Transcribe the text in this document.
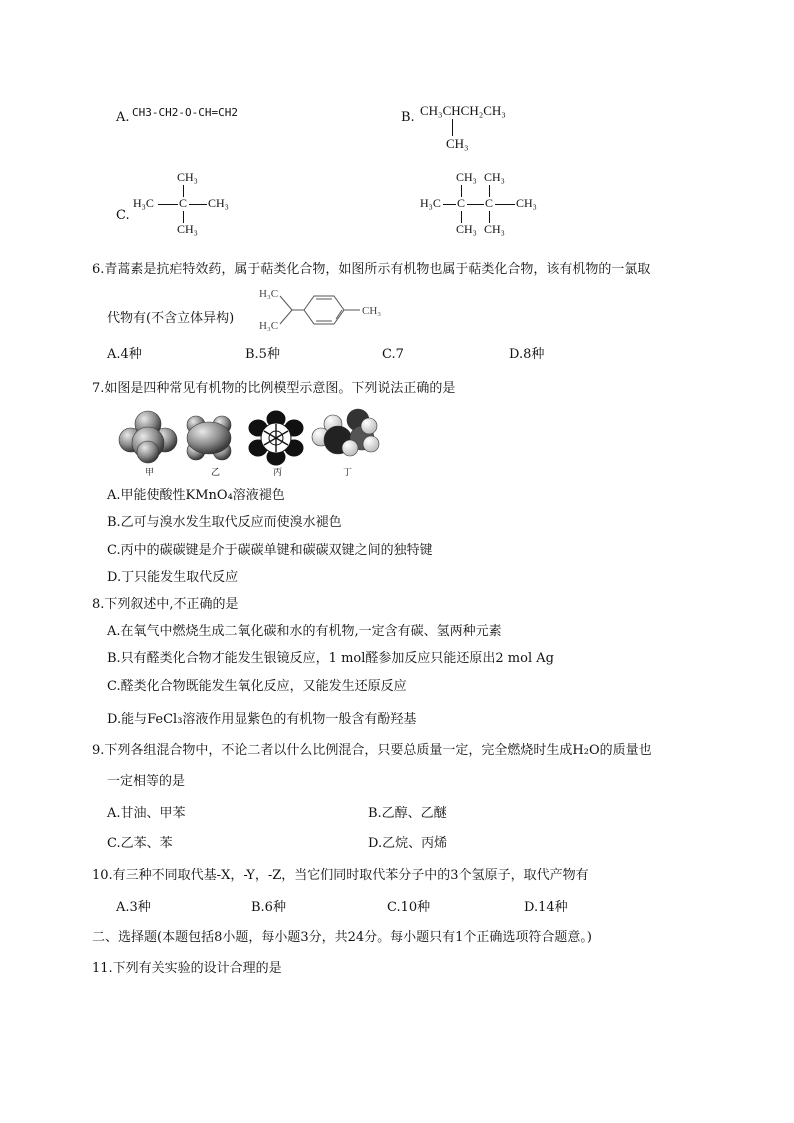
A. CH3-CH2-O-CH=CH2	B. CH₃CHCH₂CH₃
CH₃
C.
CH₃
H₃C C CH₃
CH₃
CH₃ CH₃
H₃C C C CH₃
CH₃ CH₃
6.青蒿素是抗疟特效药，属于萜类化合物，如图所示有机物也属于萜类化合物，该有机物的一氯取
代物有(不含立体异构)
H₃C
H₃C
CH₃
A.4种	B.5种	C.7	D.8种
7.如图是四种常见有机物的比例模型示意图。下列说法正确的是
甲	乙	丙	丁
A.甲能使酸性KMnO₄溶液褪色
B.乙可与溴水发生取代反应而使溴水褪色
C.丙中的碳碳键是介于碳碳单键和碳碳双键之间的独特键
D.丁只能发生取代反应
8.下列叙述中,不正确的是
A.在氧气中燃烧生成二氧化碳和水的有机物,一定含有碳、氢两种元素
B.只有醛类化合物才能发生银镜反应，1 mol醛参加反应只能还原出2 mol Ag
C.醛类化合物既能发生氧化反应，又能发生还原反应
D.能与FeCl₃溶液作用显紫色的有机物一般含有酚羟基
9.下列各组混合物中，不论二者以什么比例混合，只要总质量一定，完全燃烧时生成H₂O的质量也
一定相等的是
A.甘油、甲苯	B.乙醇、乙醚
C.乙苯、苯	D.乙烷、丙烯
10.有三种不同取代基-X，-Y，-Z，当它们同时取代苯分子中的3个氢原子，取代产物有
A.3种	B.6种	C.10种	D.14种
二、选择题(本题包括8小题，每小题3分，共24分。每小题只有1个正确选项符合题意。)
11.下列有关实验的设计合理的是
